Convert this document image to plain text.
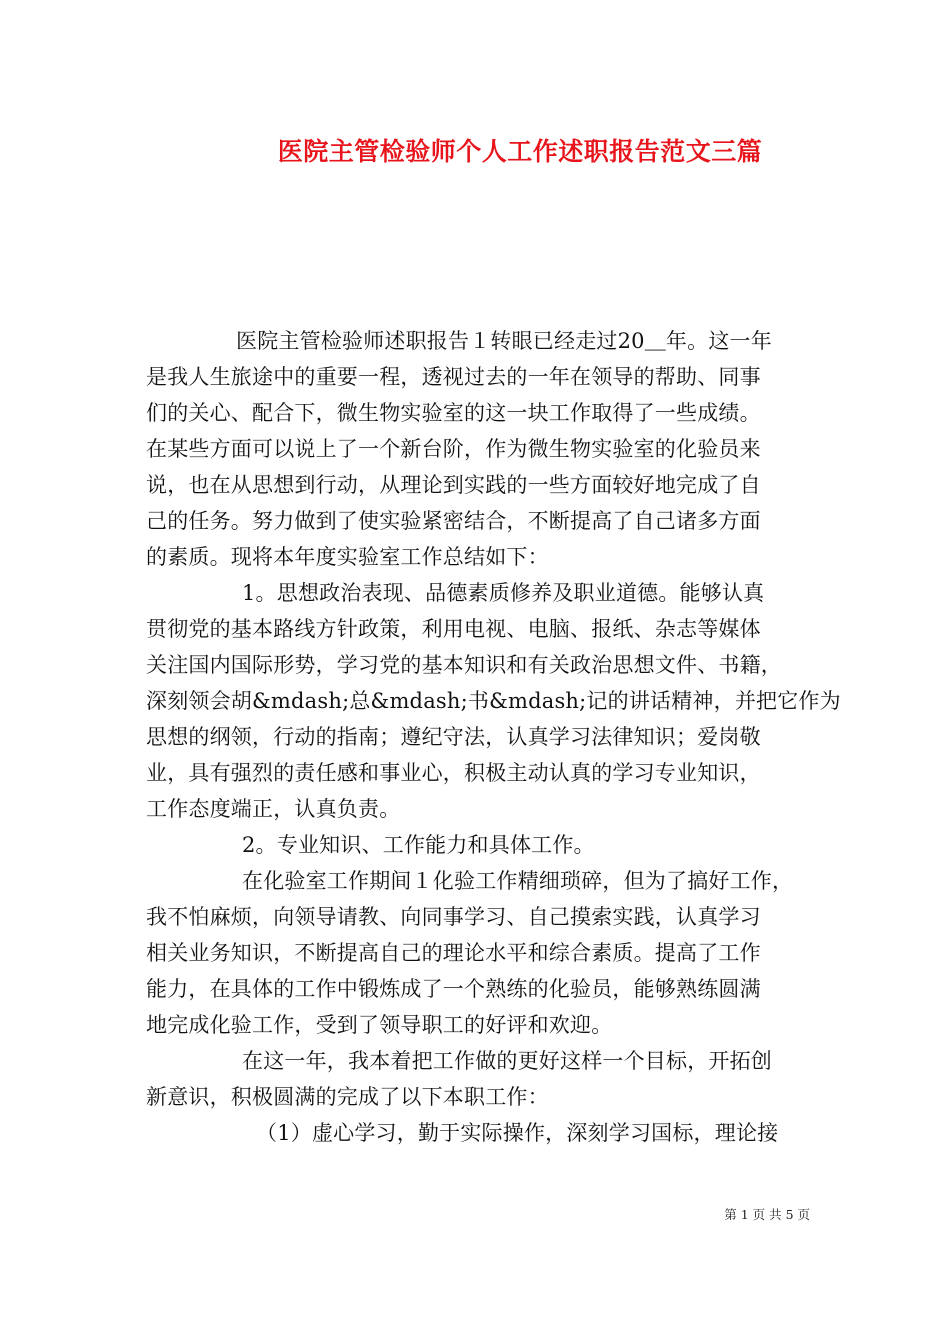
医院主管检验师个人工作述职报告范文三篇
医院主管检验师述职报告１转眼已经走过20＿年。这一年
是我人生旅途中的重要一程，透视过去的一年在领导的帮助、同事
们的关心、配合下，微生物实验室的这一块工作取得了一些成绩。
在某些方面可以说上了一个新台阶，作为微生物实验室的化验员来
说，也在从思想到行动，从理论到实践的一些方面较好地完成了自
己的任务。努力做到了使实验紧密结合，不断提高了自己诸多方面
的素质。现将本年度实验室工作总结如下：
1。思想政治表现、品德素质修养及职业道德。能够认真
贯彻党的基本路线方针政策，利用电视、电脑、报纸、杂志等媒体
关注国内国际形势，学习党的基本知识和有关政治思想文件、书籍，
深刻领会胡&mdash;总&mdash;书&mdash;记的讲话精神，并把它作为
思想的纲领，行动的指南；遵纪守法，认真学习法律知识；爱岗敬
业，具有强烈的责任感和事业心，积极主动认真的学习专业知识，
工作态度端正，认真负责。
2。专业知识、工作能力和具体工作。
在化验室工作期间１化验工作精细琐碎，但为了搞好工作，
我不怕麻烦，向领导请教、向同事学习、自己摸索实践，认真学习
相关业务知识，不断提高自己的理论水平和综合素质。提高了工作
能力，在具体的工作中锻炼成了一个熟练的化验员，能够熟练圆满
地完成化验工作，受到了领导职工的好评和欢迎。
在这一年，我本着把工作做的更好这样一个目标，开拓创
新意识，积极圆满的完成了以下本职工作：
（1）虚心学习，勤于实际操作，深刻学习国标，理论接
第 1 页 共 5 页
